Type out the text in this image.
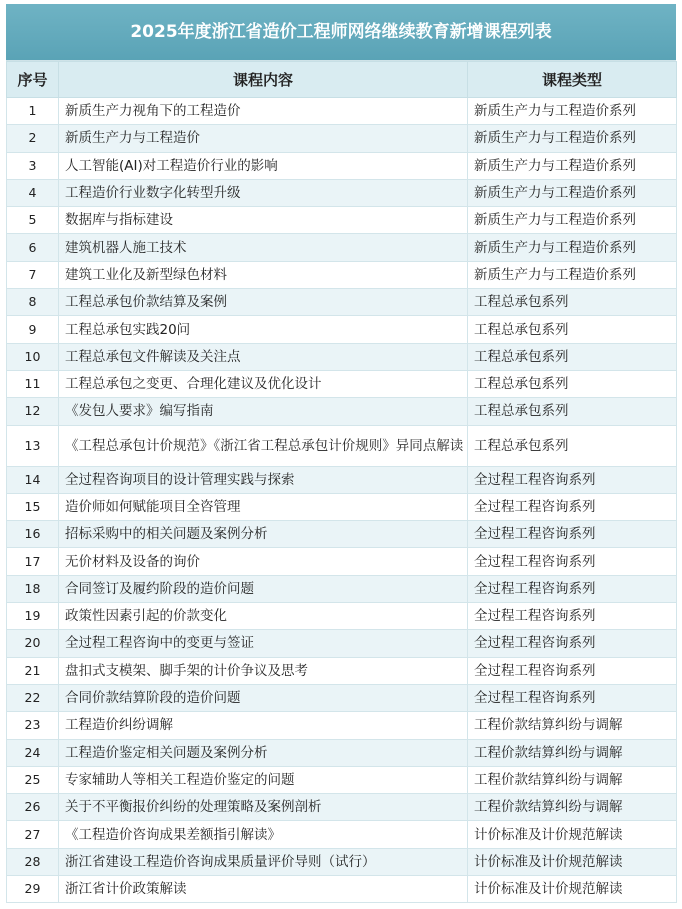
2025年度浙江省造价工程师网络继续教育新增课程列表
序号	课程内容	课程类型
1	新质生产力视角下的工程造价	新质生产力与工程造价系列
2	新质生产力与工程造价	新质生产力与工程造价系列
3	人工智能(AI)对工程造价行业的影响	新质生产力与工程造价系列
4	工程造价行业数字化转型升级	新质生产力与工程造价系列
5	数据库与指标建设	新质生产力与工程造价系列
6	建筑机器人施工技术	新质生产力与工程造价系列
7	建筑工业化及新型绿色材料	新质生产力与工程造价系列
8	工程总承包价款结算及案例	工程总承包系列
9	工程总承包实践20问	工程总承包系列
10	工程总承包文件解读及关注点	工程总承包系列
11	工程总承包之变更、合理化建议及优化设计	工程总承包系列
12	《发包人要求》编写指南	工程总承包系列
13	《工程总承包计价规范》《浙江省工程总承包计价规则》异同点解读	工程总承包系列
14	全过程咨询项目的设计管理实践与探索	全过程工程咨询系列
15	造价师如何赋能项目全咨管理	全过程工程咨询系列
16	招标采购中的相关问题及案例分析	全过程工程咨询系列
17	无价材料及设备的询价	全过程工程咨询系列
18	合同签订及履约阶段的造价问题	全过程工程咨询系列
19	政策性因素引起的价款变化	全过程工程咨询系列
20	全过程工程咨询中的变更与签证	全过程工程咨询系列
21	盘扣式支模架、脚手架的计价争议及思考	全过程工程咨询系列
22	合同价款结算阶段的造价问题	全过程工程咨询系列
23	工程造价纠纷调解	工程价款结算纠纷与调解
24	工程造价鉴定相关问题及案例分析	工程价款结算纠纷与调解
25	专家辅助人等相关工程造价鉴定的问题	工程价款结算纠纷与调解
26	关于不平衡报价纠纷的处理策略及案例剖析	工程价款结算纠纷与调解
27	《工程造价咨询成果差额指引解读》	计价标准及计价规范解读
28	浙江省建设工程造价咨询成果质量评价导则（试行）	计价标准及计价规范解读
29	浙江省计价政策解读	计价标准及计价规范解读
